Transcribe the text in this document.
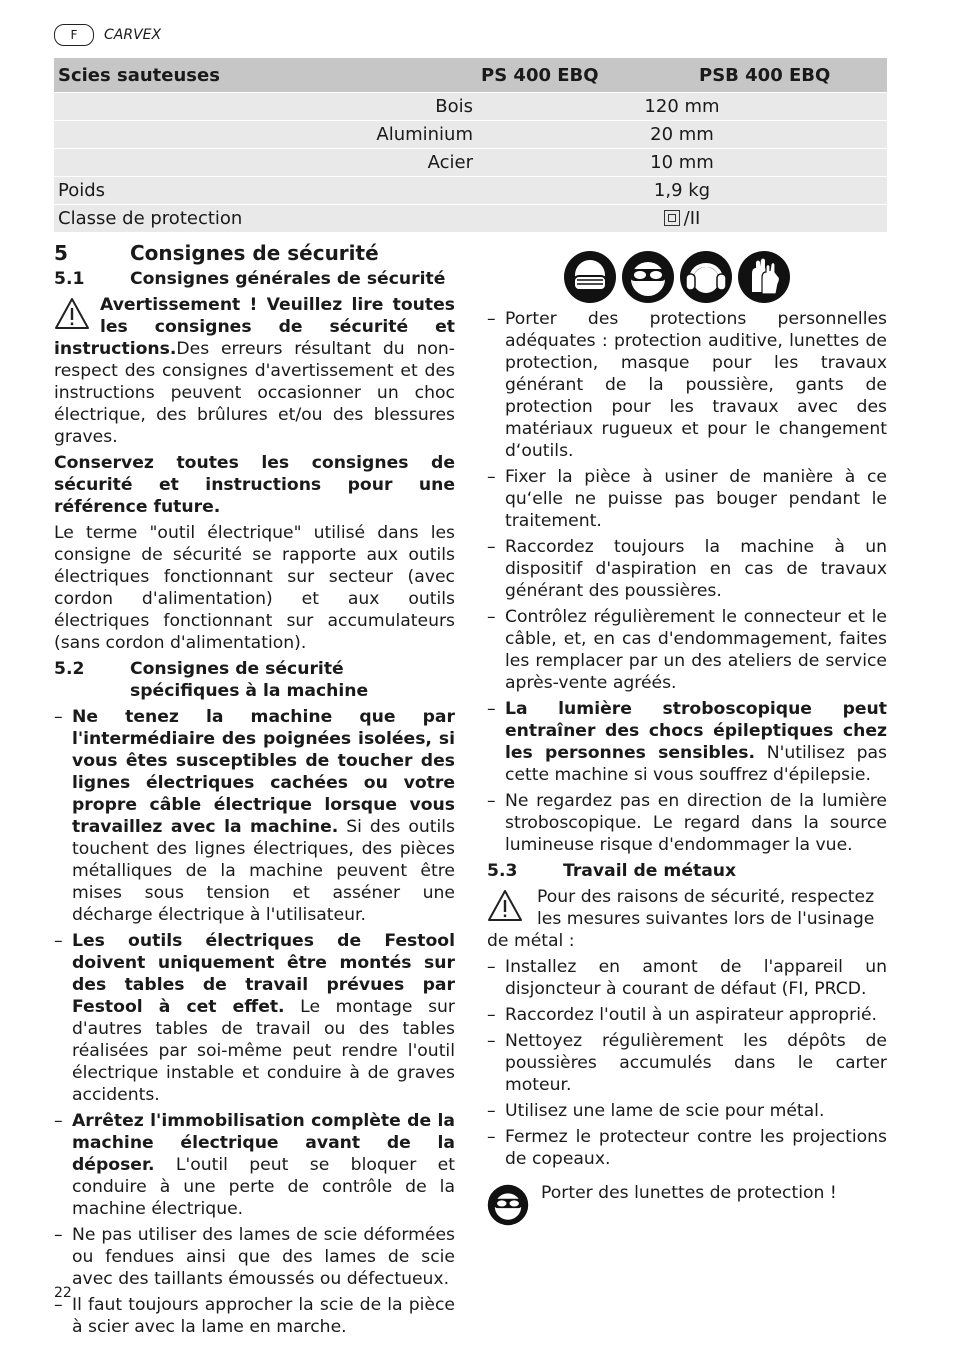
F	CARVEX
Scies sauteuses	PS 400 EBQ	PSB 400 EBQ
Bois	120 mm	
Aluminium	20 mm	
Acier	10 mm	
Poids	1,9 kg	
Classe de protection	/II	
5	Consignes de sécurité
5.1	Consignes générales de sécurité

Avertissement ! Veuillez lire toutes les consignes de sécurité et instructions.Des erreurs résultant du non-respect des consignes d'avertissement et des instructions peuvent occasionner un choc électrique, des brûlures et/ou des blessures graves.

Conservez toutes les consignes de sécurité et instructions pour une référence future.

Le terme "outil électrique" utilisé dans les consigne de sécurité se rapporte aux outils électriques fonctionnant sur secteur (avec cordon d'alimentation) et aux outils électriques fonctionnant sur accumulateurs (sans cordon d'alimentation).

5.2	Consignes de sécurité spécifiques à la machine
– Ne tenez la machine que par l'intermédiaire des poignées isolées, si vous êtes susceptibles de toucher des lignes électriques cachées ou votre propre câble électrique lorsque vous travaillez avec la machine. Si des outils touchent des lignes électriques, des pièces métalliques de la machine peuvent être mises sous tension et asséner une décharge électrique à l'utilisateur.
– Les outils électriques de Festool doivent uniquement être montés sur des tables de travail prévues par Festool à cet effet. Le montage sur d'autres tables de travail ou des tables réalisées par soi-même peut rendre l'outil électrique instable et conduire à de graves accidents.
– Arrêtez l'immobilisation complète de la machine électrique avant de la déposer. L'outil peut se bloquer et conduire à une perte de contrôle de la machine électrique.
– Ne pas utiliser des lames de scie déformées ou fendues ainsi que des lames de scie avec des taillants émoussés ou défectueux.
– Il faut toujours approcher la scie de la pièce à scier avec la lame en marche.
– Porter des protections personnelles adéquates : protection auditive, lunettes de protection, masque pour les travaux générant de la poussière, gants de protection pour les travaux avec des matériaux rugueux et pour le changement d‘outils.
– Fixer la pièce à usiner de manière à ce qu‘elle ne puisse pas bouger pendant le traitement.
– Raccordez toujours la machine à un dispositif d'aspiration en cas de travaux générant des poussières.
– Contrôlez régulièrement le connecteur et le câble, et, en cas d'endommagement, faites les remplacer par un des ateliers de service après-vente agréés.
– La lumière stroboscopique peut entraîner des chocs épileptiques chez les personnes sensibles. N'utilisez pas cette machine si vous souffrez d'épilepsie.
– Ne regardez pas en direction de la lumière stroboscopique. Le regard dans la source lumineuse risque d'endommager la vue.
5.3	Travail de métaux

Pour des raisons de sécurité, respectez les mesures suivantes lors de l'usinage de métal :

– Installez en amont de l'appareil un disjoncteur à courant de défaut (FI, PRCD.
– Raccordez l'outil à un aspirateur approprié.
– Nettoyez régulièrement les dépôts de poussières accumulés dans le carter moteur.
– Utilisez une lame de scie pour métal.
– Fermez le protecteur contre les projections de copeaux.
Porter des lunettes de protection !
22
